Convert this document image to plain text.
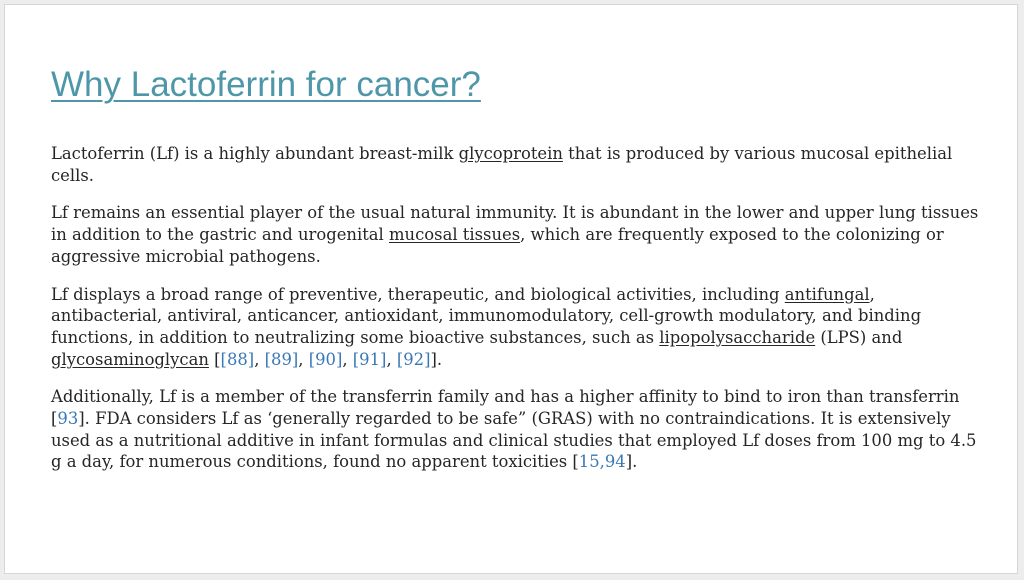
Why Lactoferrin for cancer?

Lactoferrin (Lf) is a highly abundant breast-milk glycoprotein that is produced by various mucosal epithelial cells.

Lf remains an essential player of the usual natural immunity. It is abundant in the lower and upper lung tissues in addition to the gastric and urogenital mucosal tissues, which are frequently exposed to the colonizing or aggressive microbial pathogens.

Lf displays a broad range of preventive, therapeutic, and biological activities, including antifungal, antibacterial, antiviral, anticancer, antioxidant, immunomodulatory, cell-growth modulatory, and binding functions, in addition to neutralizing some bioactive substances, such as lipopolysaccharide (LPS) and glycosaminoglycan [[88], [89], [90], [91], [92]].

Additionally, Lf is a member of the transferrin family and has a higher affinity to bind to iron than transferrin [93]. FDA considers Lf as ‘generally regarded to be safe” (GRAS) with no contraindications. It is extensively used as a nutritional additive in infant formulas and clinical studies that employed Lf doses from 100 mg to 4.5 g a day, for numerous conditions, found no apparent toxicities [15,94].
